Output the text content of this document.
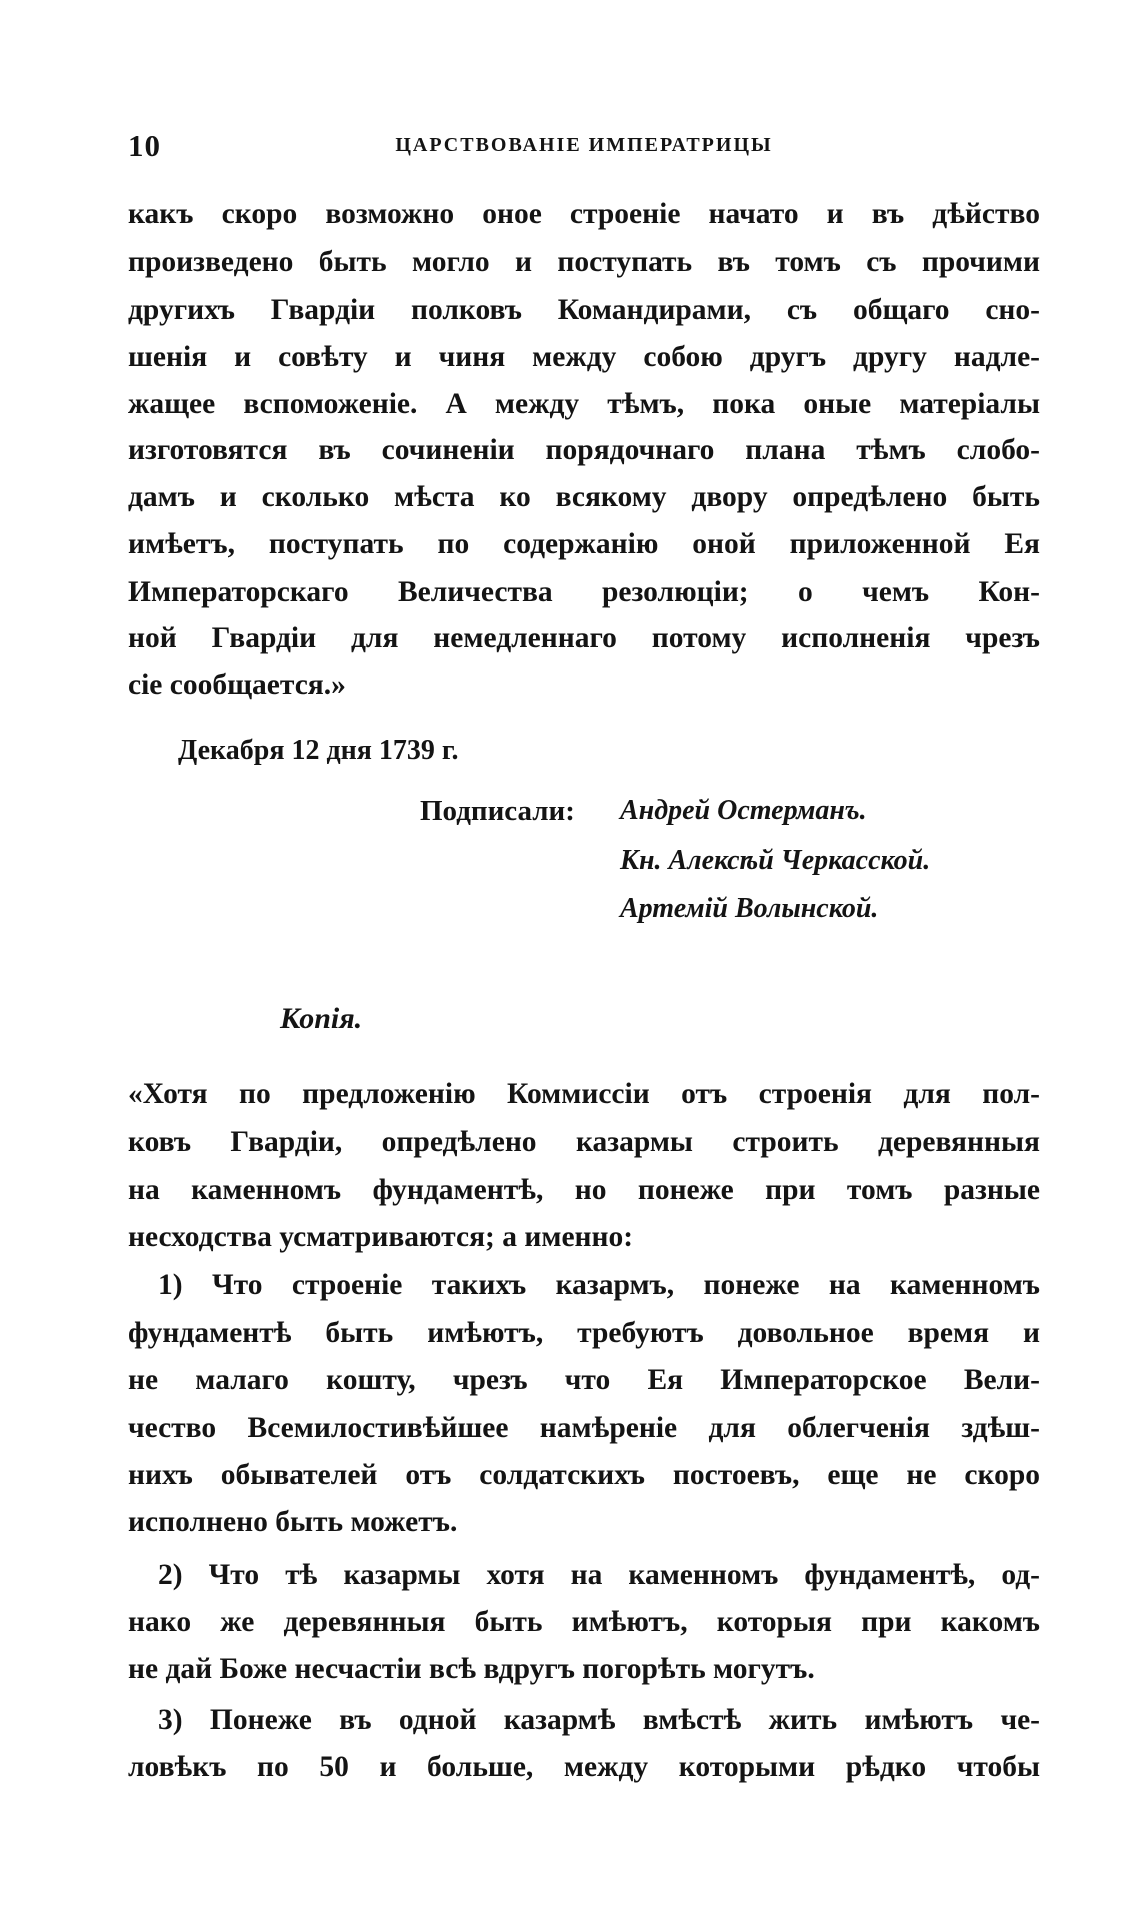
10	ЦАРСТВОВАНІЕ ИМПЕРАТРИЦЫ
какъ скоро возможно оное строеніе начато и въ дѣйство
произведено быть могло и поступать въ томъ съ прочими
другихъ Гвардіи полковъ Командирами, съ общаго сно-
шенія и совѣту и чиня между собою другъ другу надле-
жащее вспоможеніе. А между тѣмъ, пока оные матеріалы
изготовятся въ сочиненіи порядочнаго плана тѣмъ слобо-
дамъ и сколько мѣста ко всякому двору опредѣлено быть
имѣетъ, поступать по содержанію оной приложенной Ея
Императорскаго Величества резолюціи; о чемъ Кон-
ной Гвардіи для немедленнаго потому исполненія чрезъ
сіе сообщается.»
Декабря 12 дня 1739 г.
Подписали: Андрей Остерманъ.
Кн. Алексѣй Черкасской.
Артемій Волынской.
Копія.
«Хотя по предложенію Коммиссіи отъ строенія для пол-
ковъ Гвардіи, опредѣлено казармы строить деревянныя
на каменномъ фундаментѣ, но понеже при томъ разные
несходства усматриваются; а именно:
1) Что строеніе такихъ казармъ, понеже на каменномъ
фундаментѣ быть имѣютъ, требуютъ довольное время и
не малаго кошту, чрезъ что Ея Императорское Вели-
чество Всемилостивѣйшее намѣреніе для облегченія здѣш-
нихъ обывателей отъ солдатскихъ постоевъ, еще не скоро
исполнено быть можетъ.
2) Что тѣ казармы хотя на каменномъ фундаментѣ, од-
нако же деревянныя быть имѣютъ, которыя при какомъ
не дай Боже несчастіи всѣ вдругъ погорѣть могутъ.
3) Понеже въ одной казармѣ вмѣстѣ жить имѣютъ че-
ловѣкъ по 50 и больше, между которыми рѣдко чтобы
